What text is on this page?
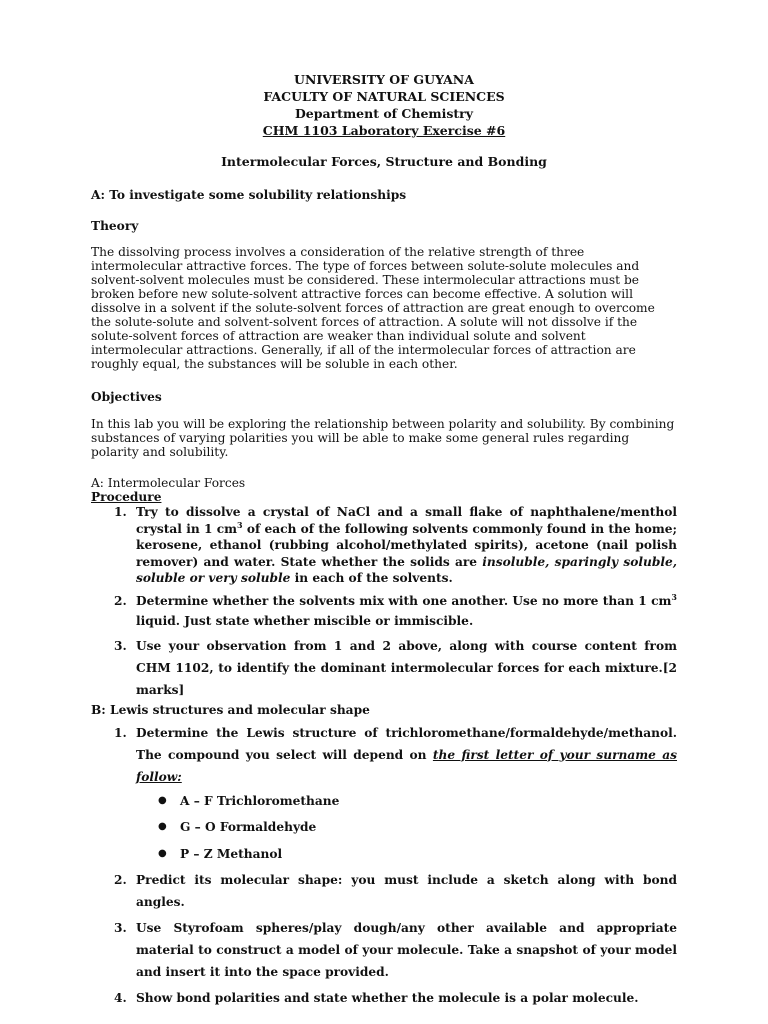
UNIVERSITY OF GUYANA
FACULTY OF NATURAL SCIENCES
Department of Chemistry
CHM 1103 Laboratory Exercise #6
Intermolecular Forces, Structure and Bonding

A: To investigate some solubility relationships

Theory

The dissolving process involves a consideration of the relative strength of three intermolecular attractive forces. The type of forces between solute-solute molecules and solvent-solvent molecules must be considered. These intermolecular attractions must be broken before new solute-solvent attractive forces can become effective. A solution will dissolve in a solvent if the solute-solvent forces of attraction are great enough to overcome the solute-solute and solvent-solvent forces of attraction. A solute will not dissolve if the solute-solvent forces of attraction are weaker than individual solute and solvent intermolecular attractions. Generally, if all of the intermolecular forces of attraction are roughly equal, the substances will be soluble in each other.

Objectives

In this lab you will be exploring the relationship between polarity and solubility. By combining substances of varying polarities you will be able to make some general rules regarding polarity and solubility.

A: Intermolecular Forces

Procedure

1. Try to dissolve a crystal of NaCl and a small flake of naphthalene/menthol crystal in 1 $cm^3$ of each of the following solvents commonly found in the home; kerosene, ethanol (rubbing alcohol/methylated spirits), acetone (nail polish remover) and water. State whether the solids are insoluble, sparingly soluble, soluble or very soluble in each of the solvents.
2. Determine whether the solvents mix with one another. Use no more than 1 $cm^3$ liquid. Just state whether miscible or immiscible.
3. Use your observation from 1 and 2 above, along with course content from CHM 1102, to identify the dominant intermolecular forces for each mixture.[2 marks]

B: Lewis structures and molecular shape

1. Determine the Lewis structure of trichloromethane/formaldehyde/methanol. The compound you select will depend on the first letter of your surname as follow:
● A – F Trichloromethane
● G – O Formaldehyde
● P – Z Methanol
2. Predict its molecular shape: you must include a sketch along with bond angles.
3. Use Styrofoam spheres/play dough/any other available and appropriate material to construct a model of your molecule. Take a snapshot of your model and insert it into the space provided.
4. Show bond polarities and state whether the molecule is a polar molecule.
